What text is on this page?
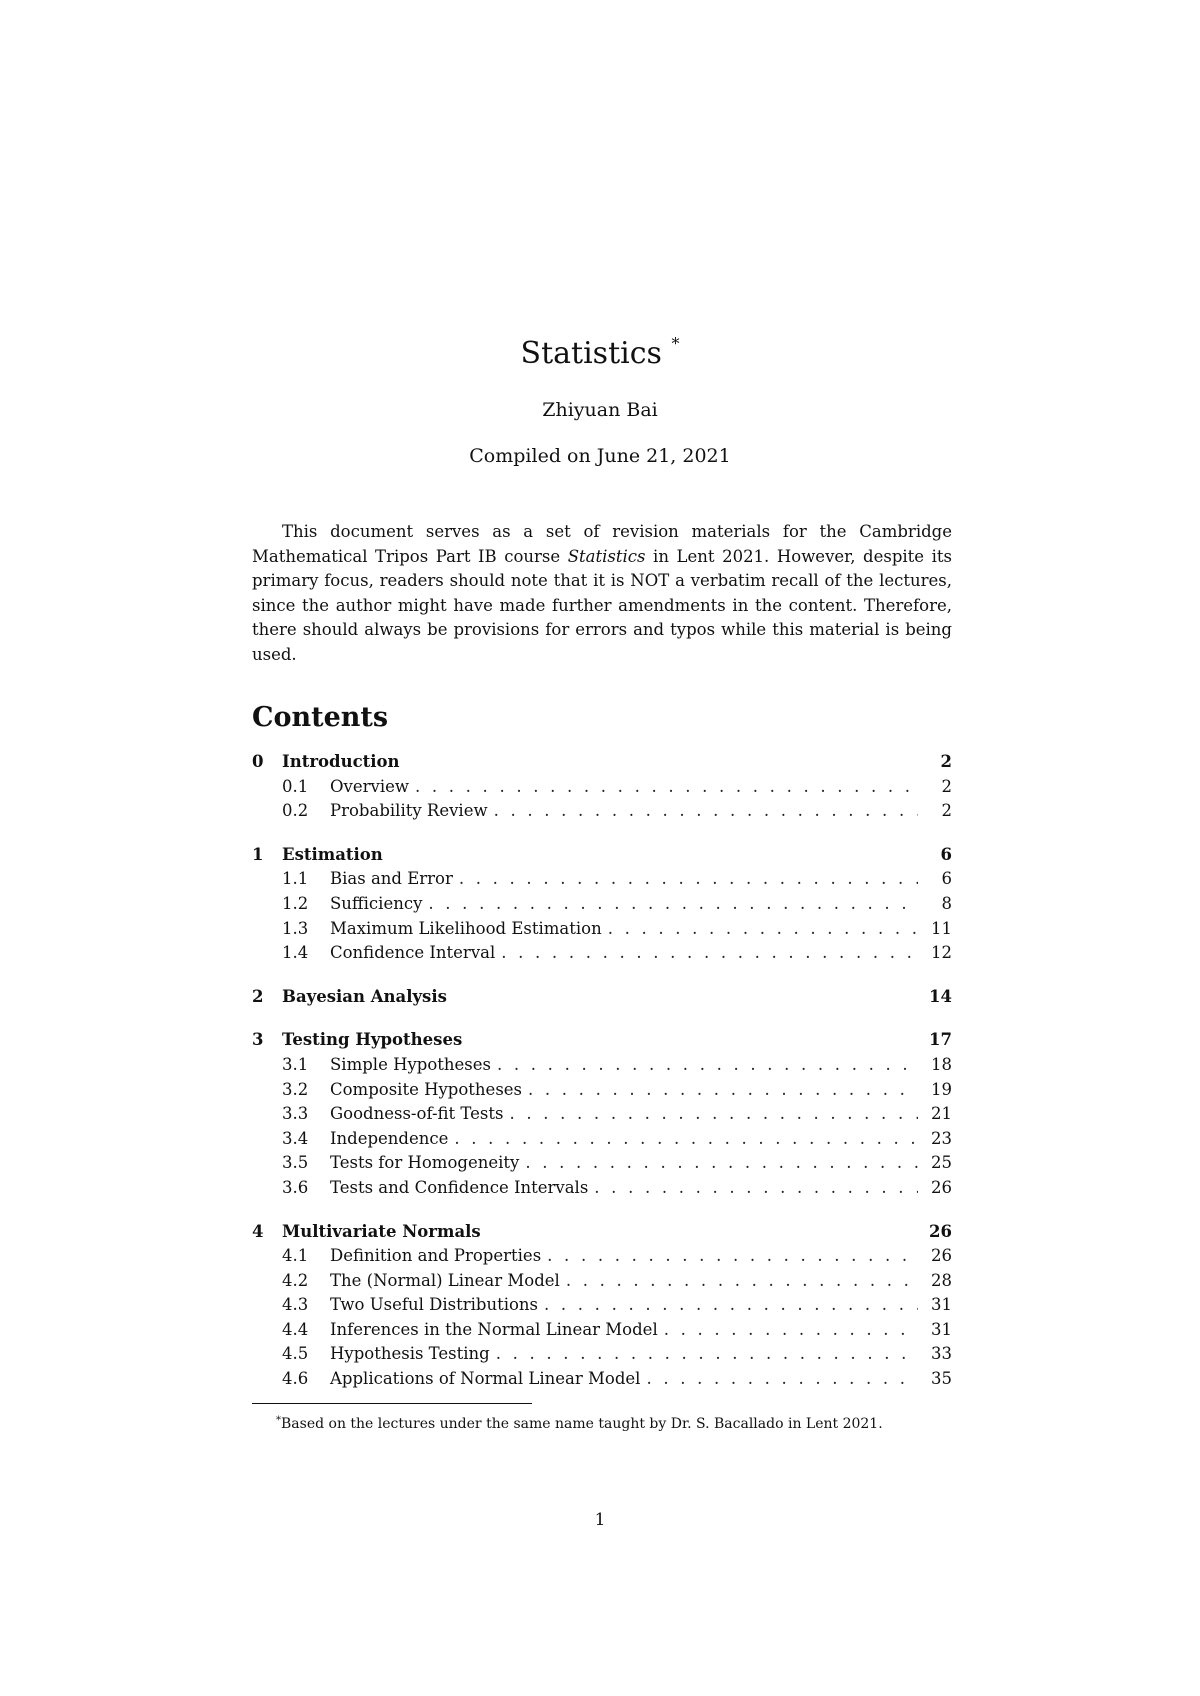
Statistics *
Zhiyuan Bai
Compiled on June 21, 2021

This document serves as a set of revision materials for the Cambridge Mathematical Tripos Part IB course Statistics in Lent 2021. However, despite its primary focus, readers should note that it is NOT a verbatim recall of the lectures, since the author might have made further amendments in the content. Therefore, there should always be provisions for errors and typos while this material is being used.

Contents
0	Introduction	2
0.1	Overview . . .	2
0.2	Probability Review . . .	2
1	Estimation	6
1.1	Bias and Error . . .	6
1.2	Sufficiency . . .	8
1.3	Maximum Likelihood Estimation . . .	11
1.4	Confidence Interval . . .	12
2	Bayesian Analysis	14
3	Testing Hypotheses	17
3.1	Simple Hypotheses . . .	18
3.2	Composite Hypotheses . . .	19
3.3	Goodness-of-fit Tests . . .	21
3.4	Independence . . .	23
3.5	Tests for Homogeneity . . .	25
3.6	Tests and Confidence Intervals . . .	26
4	Multivariate Normals	26
4.1	Definition and Properties . . .	26
4.2	The (Normal) Linear Model . . .	28
4.3	Two Useful Distributions . . .	31
4.4	Inferences in the Normal Linear Model . . .	31
4.5	Hypothesis Testing . . .	33
4.6	Applications of Normal Linear Model . . .	35
*Based on the lectures under the same name taught by Dr. S. Bacallado in Lent 2021.
1
